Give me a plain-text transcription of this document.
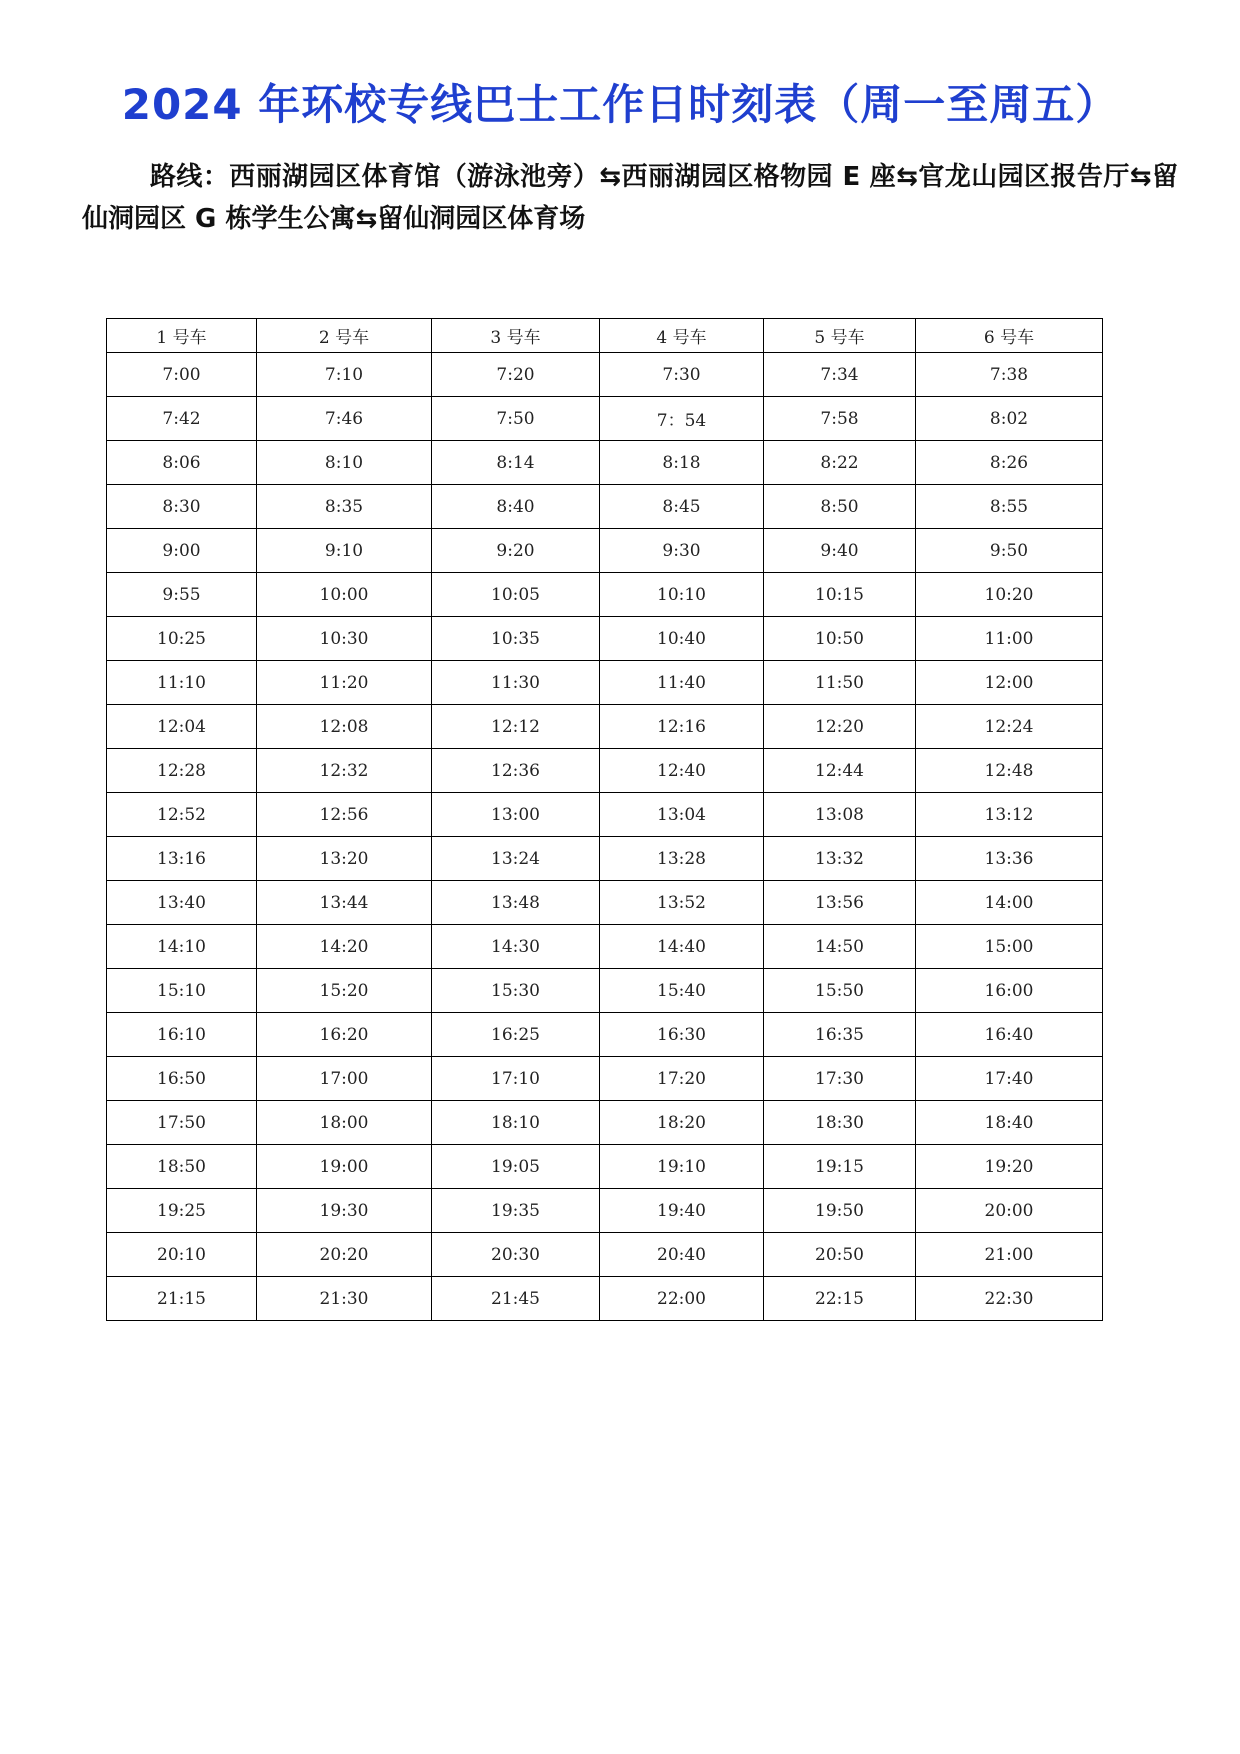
2024 年环校专线巴士工作日时刻表（周一至周五）
路线：西丽湖园区体育馆（游泳池旁）⇆西丽湖园区格物园 E 座⇆官龙山园区报告厅⇆留仙洞园区 G 栋学生公寓⇆留仙洞园区体育场
1 号车	2 号车	3 号车	4 号车	5 号车	6 号车
7:00	7:10	7:20	7:30	7:34	7:38
7:42	7:46	7:50	7：54	7:58	8:02
8:06	8:10	8:14	8:18	8:22	8:26
8:30	8:35	8:40	8:45	8:50	8:55
9:00	9:10	9:20	9:30	9:40	9:50
9:55	10:00	10:05	10:10	10:15	10:20
10:25	10:30	10:35	10:40	10:50	11:00
11:10	11:20	11:30	11:40	11:50	12:00
12:04	12:08	12:12	12:16	12:20	12:24
12:28	12:32	12:36	12:40	12:44	12:48
12:52	12:56	13:00	13:04	13:08	13:12
13:16	13:20	13:24	13:28	13:32	13:36
13:40	13:44	13:48	13:52	13:56	14:00
14:10	14:20	14:30	14:40	14:50	15:00
15:10	15:20	15:30	15:40	15:50	16:00
16:10	16:20	16:25	16:30	16:35	16:40
16:50	17:00	17:10	17:20	17:30	17:40
17:50	18:00	18:10	18:20	18:30	18:40
18:50	19:00	19:05	19:10	19:15	19:20
19:25	19:30	19:35	19:40	19:50	20:00
20:10	20:20	20:30	20:40	20:50	21:00
21:15	21:30	21:45	22:00	22:15	22:30
